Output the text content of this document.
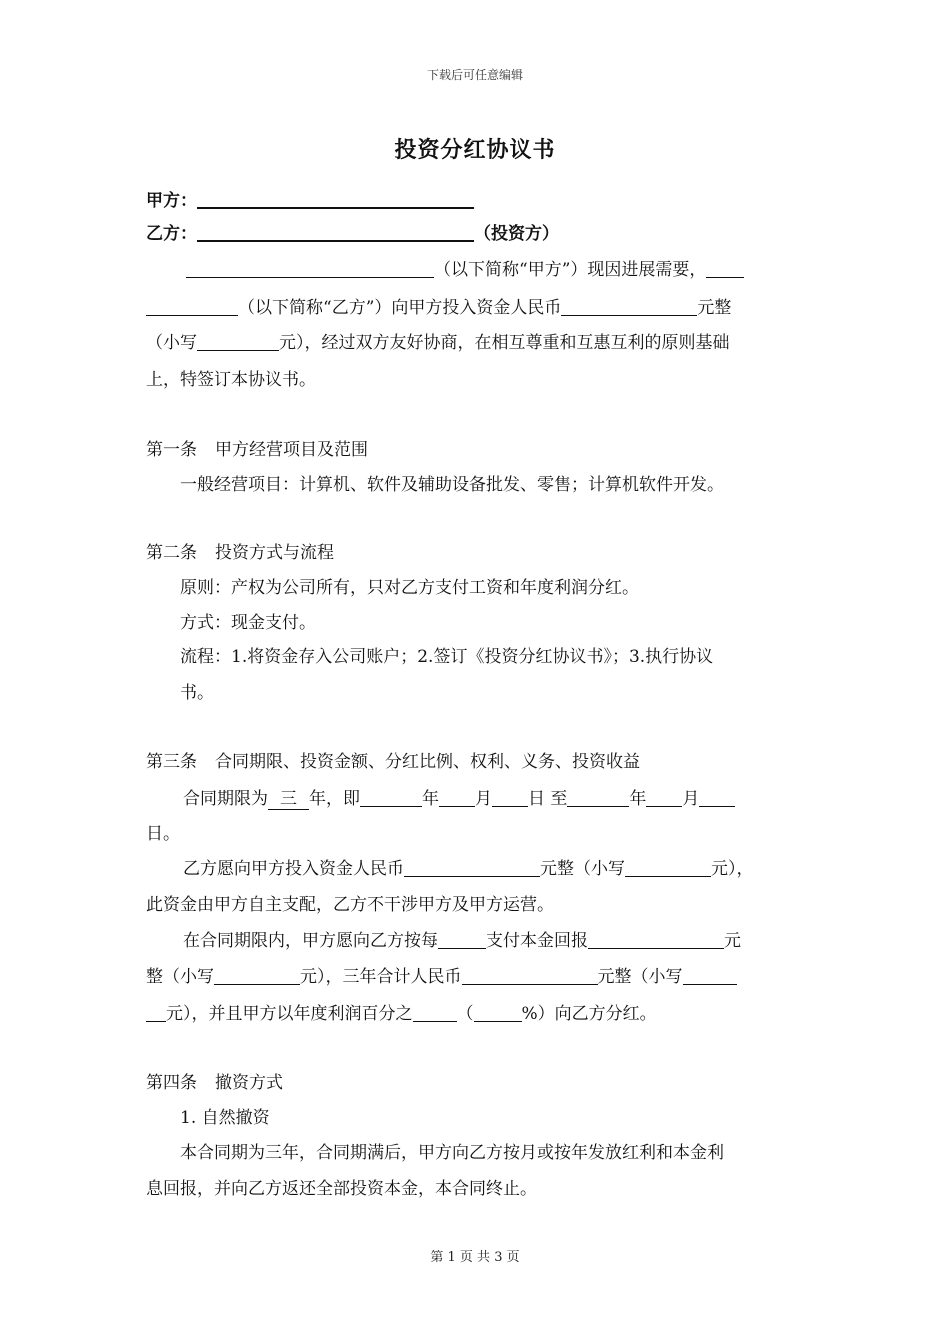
下载后可任意编辑
投资分红协议书
甲方：
乙方：	（投资方）
（以下简称“甲方”）现因进展需要，
（以下简称“乙方”）向甲方投入资金人民币	元整
（小写	元），经过双方友好协商，在相互尊重和互惠互利的原则基础
上，特签订本协议书。
第一条 甲方经营项目及范围
一般经营项目：计算机、软件及辅助设备批发、零售；计算机软件开发。
第二条 投资方式与流程
原则：产权为公司所有，只对乙方支付工资和年度利润分红。
方式：现金支付。
流程：1.将资金存入公司账户；2.签订《投资分红协议书》；3.执行协议
书。
第三条 合同期限、投资金额、分红比例、权利、义务、投资收益
合同期限为 三 年，即	年 月 日 至	年 月
日。
乙方愿向甲方投入资金人民币	元整（小写	元），
此资金由甲方自主支配，乙方不干涉甲方及甲方运营。
在合同期限内，甲方愿向乙方按每	支付本金回报	元
整（小写	元），三年合计人民币	元整（小写
元），并且甲方以年度利润百分之	（	%）向乙方分红。
第四条 撤资方式
1. 自然撤资
本合同期为三年，合同期满后，甲方向乙方按月或按年发放红利和本金利
息回报，并向乙方返还全部投资本金，本合同终止。
第 1 页 共 3 页
